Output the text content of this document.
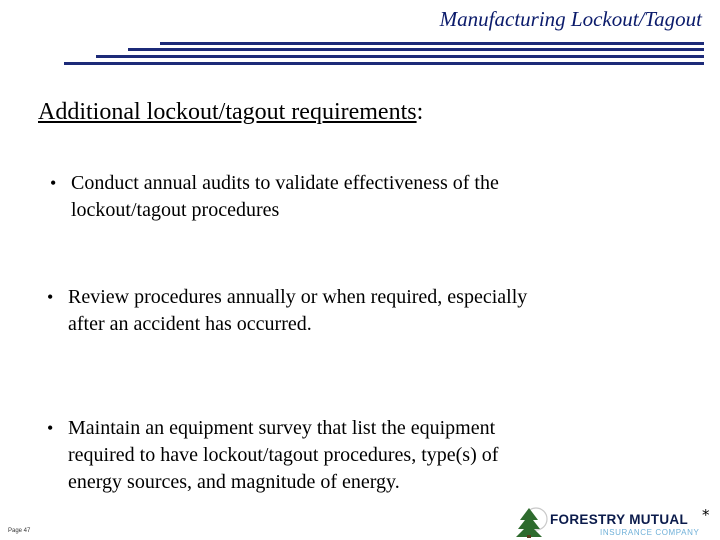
Manufacturing Lockout/Tagout
Additional lockout/tagout requirements:
• Conduct annual audits to validate effectiveness of the
lockout/tagout procedures
• Review procedures annually or when required, especially
after an accident has occurred.
• Maintain an equipment survey that list the equipment
required to have lockout/tagout procedures, type(s) of
energy sources, and magnitude of energy.
Page 47
FORESTRY MUTUAL
INSURANCE COMPANY
*
